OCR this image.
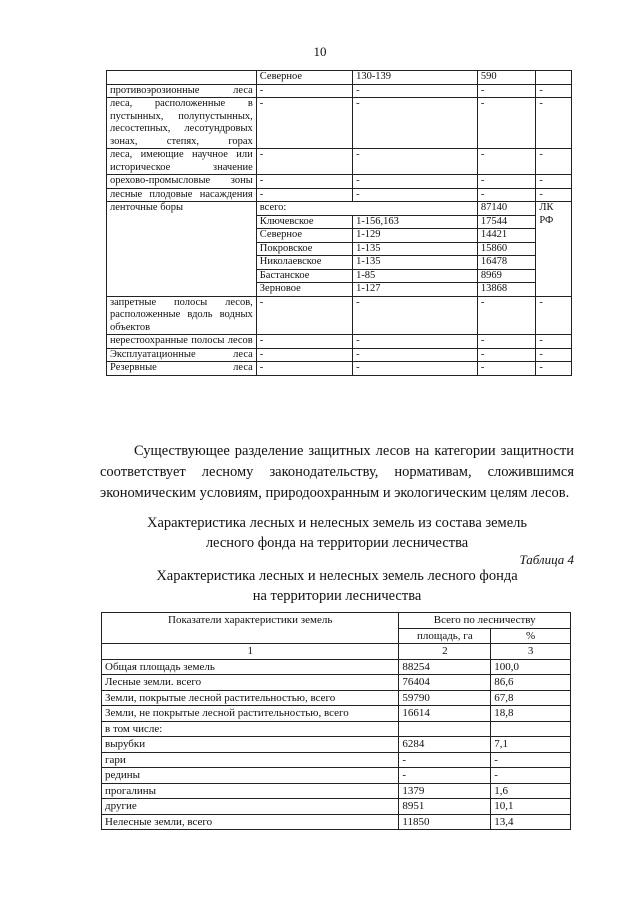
10
	Северное	130-139	590	
противоэрозионные леса	-	-	-	-
леса, расположенные в пустынных, полупустынных, лесостепных, лесотундровых зонах, степях, горах	-	-	-	-
леса, имеющие научное или историческое значение	-	-	-	-
орехово-промысловые зоны	-	-	-	-
лесные плодовые насаждения	-	-	-	-
ленточные боры	всего:		87140	ЛК РФ
	Ключевское	1-156,163	17544	
	Северное	1-129	14421	
	Покровское	1-135	15860	
	Николаевское	1-135	16478	
	Бастанское	1-85	8969	
	Зерновое	1-127	13868	
запретные полосы лесов, расположенные вдоль водных объектов	-	-	-	-
нерестоохранные полосы лесов	-	-	-	-
Эксплуатационные леса	-	-	-	-
Резервные леса	-	-	-	-
Существующее разделение защитных лесов на категории защитности соответствует лесному законодательству, нормативам, сложившимся экономическим условиям, природоохранным и экологическим целям лесов.
Характеристика лесных и нелесных земель из состава земель
лесного фонда на территории лесничества
Таблица 4
Характеристика лесных и нелесных земель лесного фонда
на территории лесничества
Показатели характеристики земель	Всего по лесничеству	
	площадь, га	%
1	2	3
Общая площадь земель	88254	100,0
Лесные земли. всего	76404	86,6
Земли, покрытые лесной растительностью, всего	59790	67,8
Земли, не покрытые лесной растительностью, всего	16614	18,8
в том числе:		
вырубки	6284	7,1
гари	-	-
редины	-	-
прогалины	1379	1,6
другие	8951	10,1
Нелесные земли, всего	11850	13,4
